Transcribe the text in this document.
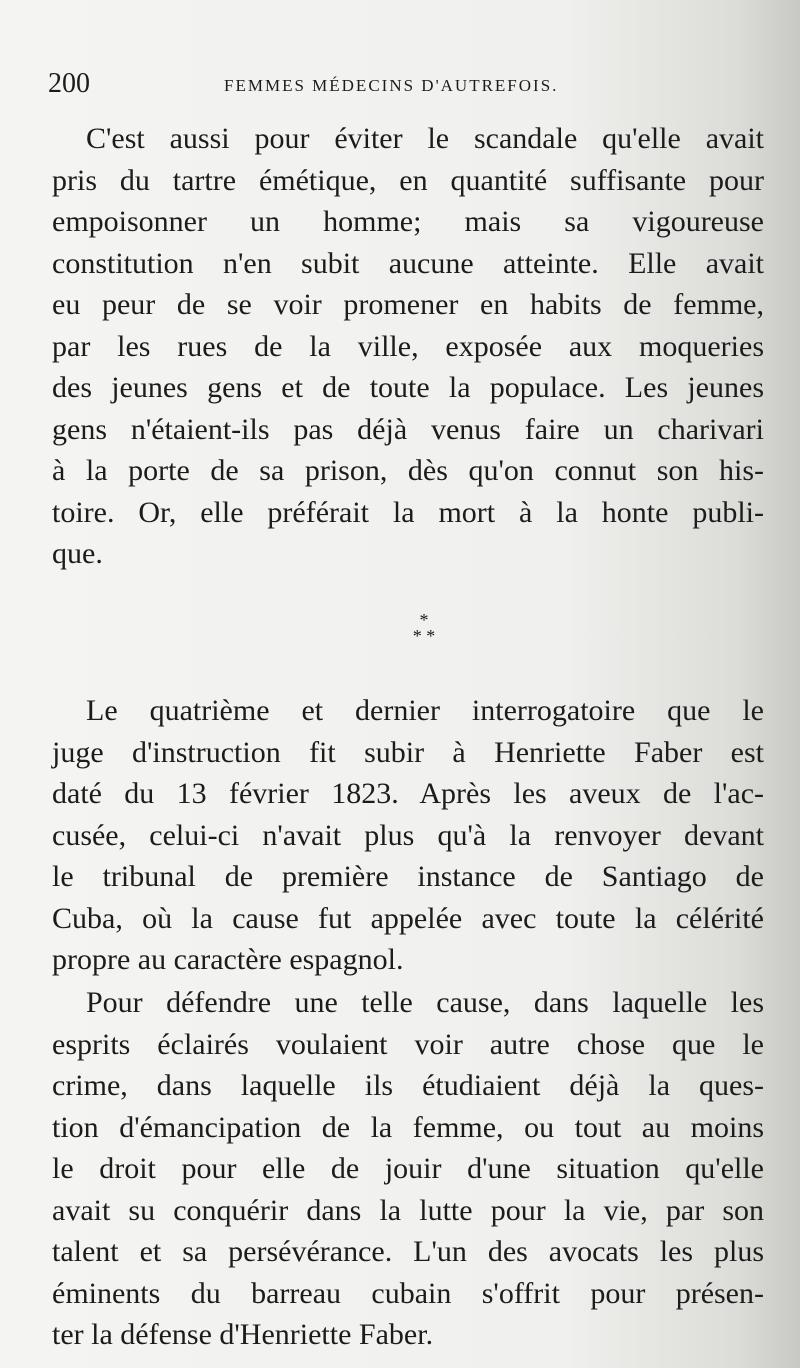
200	FEMMES MÉDECINS D'AUTREFOIS.
C'est aussi pour éviter le scandale qu'elle avait
pris du tartre émétique, en quantité suffisante pour
empoisonner un homme; mais sa vigoureuse
constitution n'en subit aucune atteinte. Elle avait
eu peur de se voir promener en habits de femme,
par les rues de la ville, exposée aux moqueries
des jeunes gens et de toute la populace. Les jeunes
gens n'étaient-ils pas déjà venus faire un charivari
à la porte de sa prison, dès qu'on connut son his-
toire. Or, elle préférait la mort à la honte publi-
que.
*
* *
Le quatrième et dernier interrogatoire que le
juge d'instruction fit subir à Henriette Faber est
daté du 13 février 1823. Après les aveux de l'ac-
cusée, celui-ci n'avait plus qu'à la renvoyer devant
le tribunal de première instance de Santiago de
Cuba, où la cause fut appelée avec toute la célérité
propre au caractère espagnol.
Pour défendre une telle cause, dans laquelle les
esprits éclairés voulaient voir autre chose que le
crime, dans laquelle ils étudiaient déjà la ques-
tion d'émancipation de la femme, ou tout au moins
le droit pour elle de jouir d'une situation qu'elle
avait su conquérir dans la lutte pour la vie, par son
talent et sa persévérance. L'un des avocats les plus
éminents du barreau cubain s'offrit pour présen-
ter la défense d'Henriette Faber.
